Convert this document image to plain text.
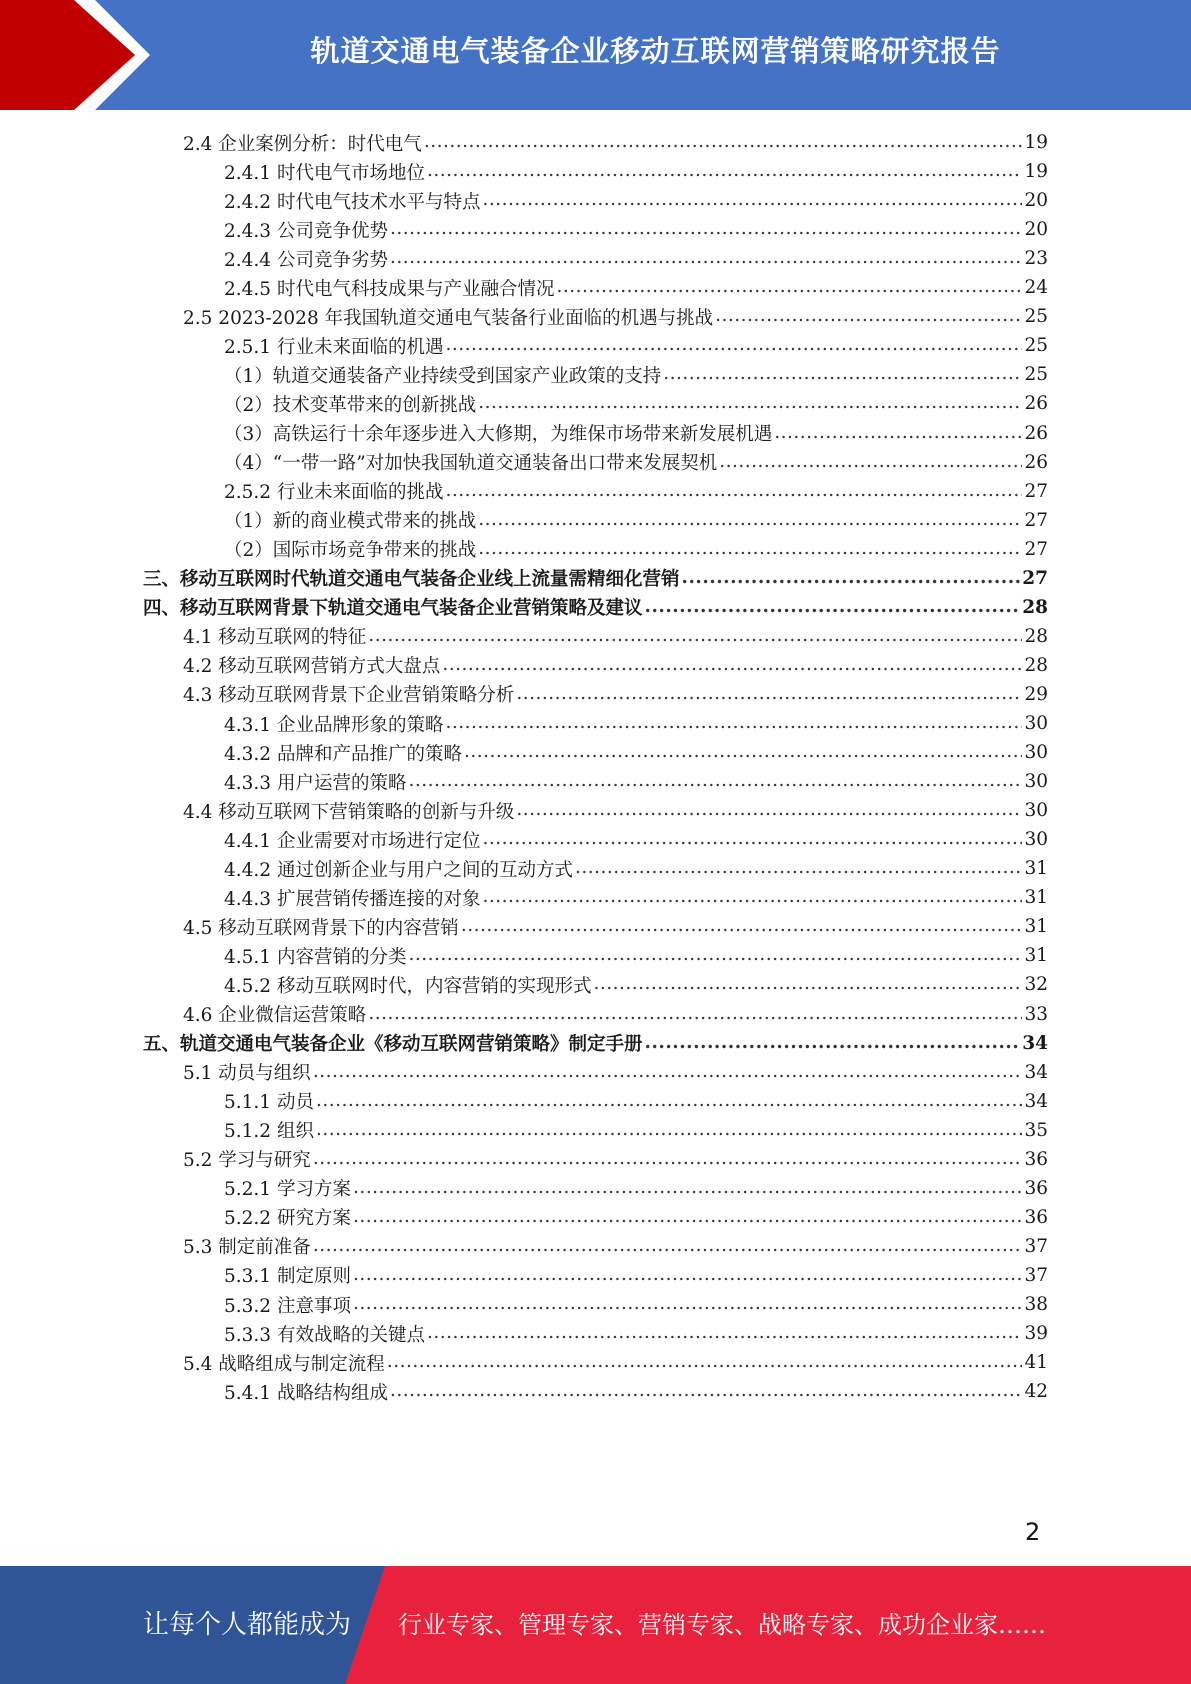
轨道交通电气装备企业移动互联网营销策略研究报告
2.4 企业案例分析：时代电气 .....	19
2.4.1 时代电气市场地位 .....	19
2.4.2 时代电气技术水平与特点 .....	20
2.4.3 公司竞争优势 .....	20
2.4.4 公司竞争劣势 .....	23
2.4.5 时代电气科技成果与产业融合情况 .....	24
2.5 2023-2028 年我国轨道交通电气装备行业面临的机遇与挑战 .....	25
2.5.1 行业未来面临的机遇 .....	25
（1）轨道交通装备产业持续受到国家产业政策的支持 .....	25
（2）技术变革带来的创新挑战 .....	26
（3）高铁运行十余年逐步进入大修期，为维保市场带来新发展机遇 .....	26
（4）“一带一路”对加快我国轨道交通装备出口带来发展契机 .....	26
2.5.2 行业未来面临的挑战 .....	27
（1）新的商业模式带来的挑战 .....	27
（2）国际市场竞争带来的挑战 .....	27
三、移动互联网时代轨道交通电气装备企业线上流量需精细化营销 .....	27
四、移动互联网背景下轨道交通电气装备企业营销策略及建议 .....	28
4.1 移动互联网的特征 .....	28
4.2 移动互联网营销方式大盘点 .....	28
4.3 移动互联网背景下企业营销策略分析 .....	29
4.3.1 企业品牌形象的策略 .....	30
4.3.2 品牌和产品推广的策略 .....	30
4.3.3 用户运营的策略 .....	30
4.4 移动互联网下营销策略的创新与升级 .....	30
4.4.1 企业需要对市场进行定位 .....	30
4.4.2 通过创新企业与用户之间的互动方式 .....	31
4.4.3 扩展营销传播连接的对象 .....	31
4.5 移动互联网背景下的内容营销 .....	31
4.5.1 内容营销的分类 .....	31
4.5.2 移动互联网时代，内容营销的实现形式 .....	32
4.6 企业微信运营策略 .....	33
五、轨道交通电气装备企业《移动互联网营销策略》制定手册 .....	34
5.1 动员与组织 .....	34
5.1.1 动员 .....	34
5.1.2 组织 .....	35
5.2 学习与研究 .....	36
5.2.1 学习方案 .....	36
5.2.2 研究方案 .....	36
5.3 制定前准备 .....	37
5.3.1 制定原则 .....	37
5.3.2 注意事项 .....	38
5.3.3 有效战略的关键点 .....	39
5.4 战略组成与制定流程 .....	41
5.4.1 战略结构组成 .....	42
2
让每个人都能成为 行业专家、管理专家、营销专家、战略专家、成功企业家……
